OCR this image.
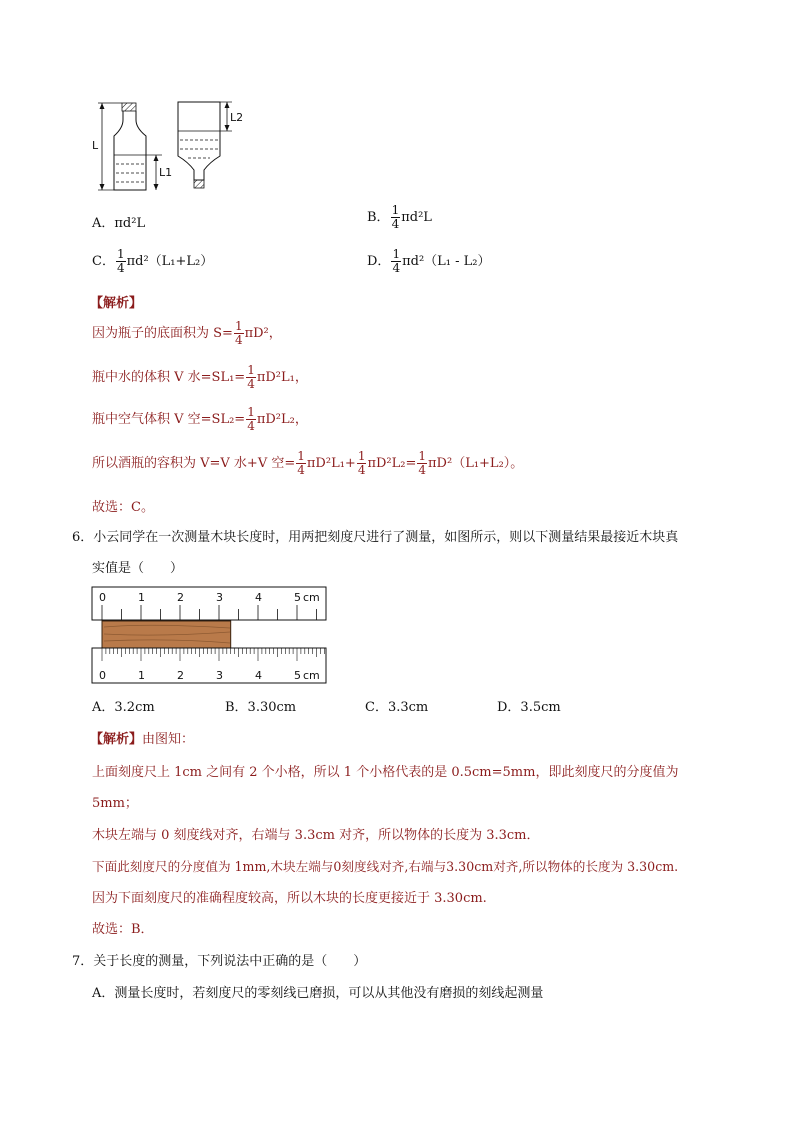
L
L1
L2
A．πd²L	B． $\frac{1}{4} \pi d^2L$
C． $\frac{1}{4} \pi d^2(L_1+L_2)$	D． $\frac{1}{4} \pi d^2(L_1 - L_2)$
【解析】
因为瓶子的底面积为 $S= \frac{1}{4} \pi D^2$，
瓶中水的体积 V 水$=SL_1= \frac{1}{4} \pi D^2L_1$，
瓶中空气体积 V 空$=SL_2= \frac{1}{4} \pi D^2L_2$，
所以酒瓶的容积为 V=V 水+V 空= $\frac{1}{4} \pi D^2L_1+ \frac{1}{4} \pi D^2L_2= \frac{1}{4} \pi D^2(L_1+L_2)$。
故选：C。
6．小云同学在一次测量木块长度时，用两把刻度尺进行了测量，如图所示，则以下测量结果最接近木块真
实值是（　　）
0	1	2	3	4	5 cm
0	1	2	3	4	5 cm
A．3.2cm	B．3.30cm	C．3.3cm	D．3.5cm
【解析】由图知：
上面刻度尺上 1cm 之间有 2 个小格，所以 1 个小格代表的是 0.5cm=5mm，即此刻度尺的分度值为
5mm；
木块左端与 0 刻度线对齐，右端与 3.3cm 对齐，所以物体的长度为 3.3cm．
下面此刻度尺的分度值为 1mm,木块左端与0刻度线对齐,右端与3.30cm对齐,所以物体的长度为 3.30cm.
因为下面刻度尺的准确程度较高，所以木块的长度更接近于 3.30cm.
故选：B．
7．关于长度的测量，下列说法中正确的是（　　）
A．测量长度时，若刻度尺的零刻线已磨损，可以从其他没有磨损的刻线起测量
